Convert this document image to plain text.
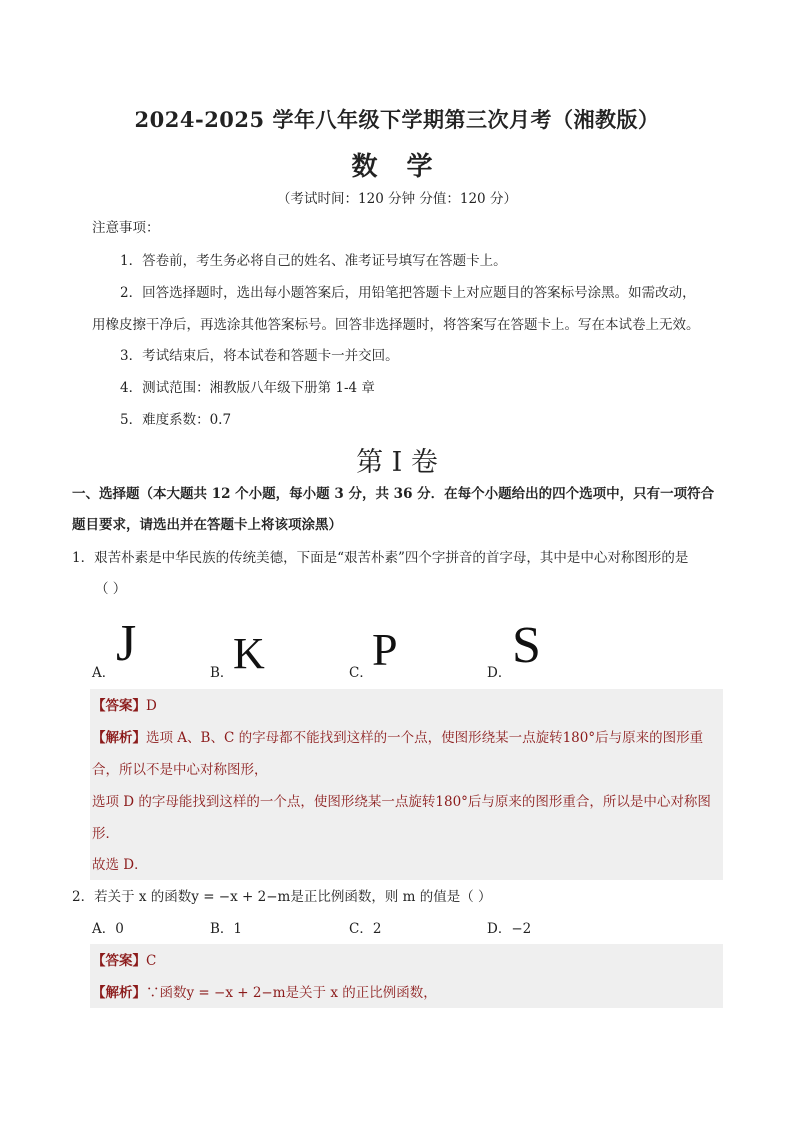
2024-2025 学年八年级下学期第三次月考（湘教版）
数 学
（考试时间：120 分钟 分值：120 分）
注意事项：
1．答卷前，考生务必将自己的姓名、准考证号填写在答题卡上。
2．回答选择题时，选出每小题答案后，用铅笔把答题卡上对应题目的答案标号涂黑。如需改动，
用橡皮擦干净后，再选涂其他答案标号。回答非选择题时，将答案写在答题卡上。写在本试卷上无效。
3．考试结束后，将本试卷和答题卡一并交回。
4．测试范围：湘教版八年级下册第 1-4 章
5．难度系数：0.7
第 I 卷
一、选择题（本大题共 12 个小题，每小题 3 分，共 36 分．在每个小题给出的四个选项中，只有一项符合
题目要求，请选出并在答题卡上将该项涂黑）
1．艰苦朴素是中华民族的传统美德，下面是“艰苦朴素”四个字拼音的首字母，其中是中心对称图形的是
（ ）
J
A．	K
B．	P
C．	S
D．
【答案】D
【解析】选项 A、B、C 的字母都不能找到这样的一个点，使图形绕某一点旋转180°后与原来的图形重
合，所以不是中心对称图形，
选项 D 的字母能找到这样的一个点，使图形绕某一点旋转180°后与原来的图形重合，所以是中心对称图
形．
故选 D．
2．若关于 x 的函数y = −x + 2−m是正比例函数，则 m 的值是（ ）
A．0	B．1	C．2	D．−2
【答案】C
【解析】∵函数y = −x + 2−m是关于 x 的正比例函数，
